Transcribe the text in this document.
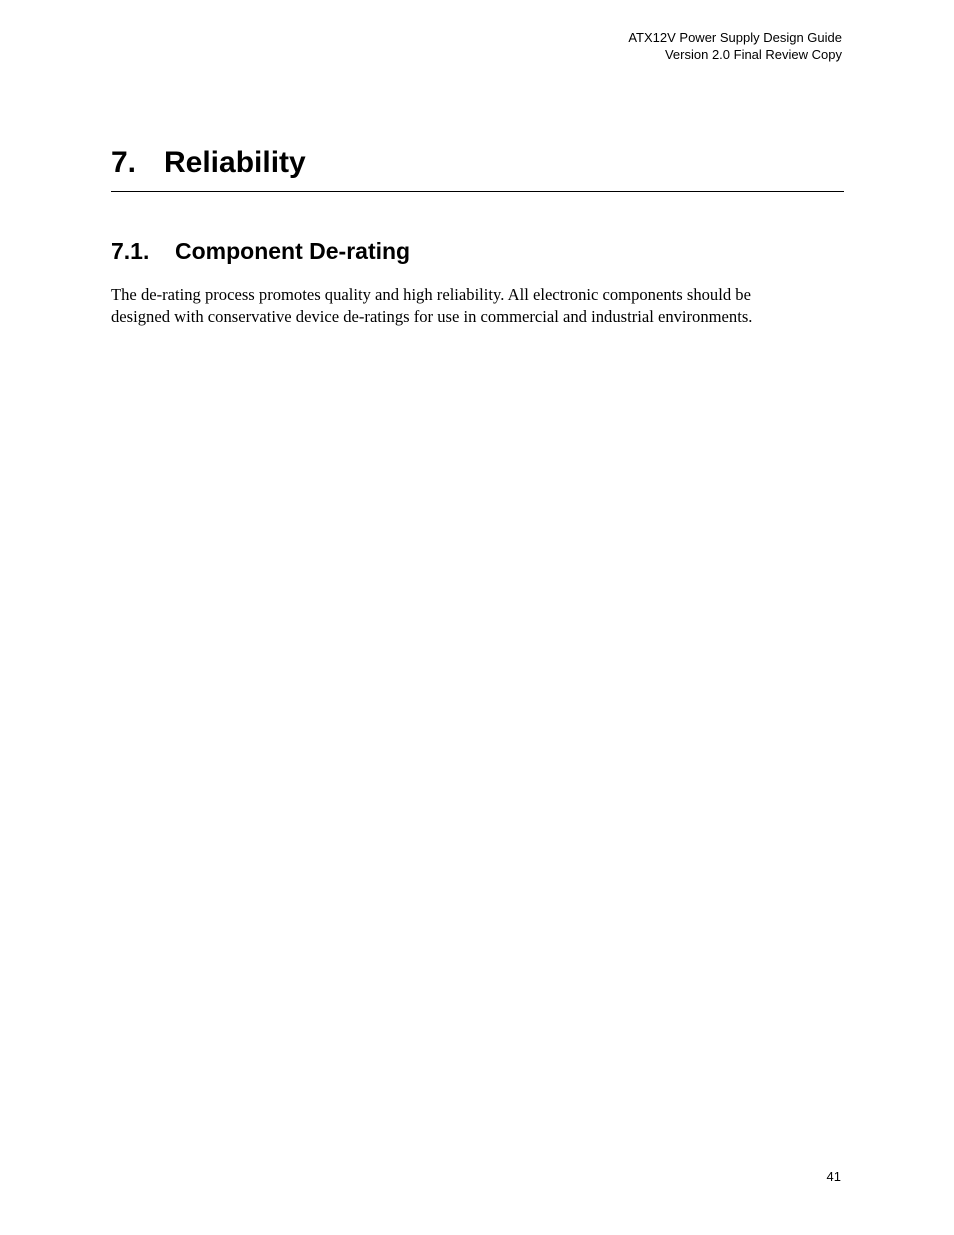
ATX12V Power Supply Design Guide
Version 2.0 Final Review Copy
7. Reliability
7.1. Component De-rating

The de-rating process promotes quality and high reliability. All electronic components should be
designed with conservative device de-ratings for use in commercial and industrial environments.

41
